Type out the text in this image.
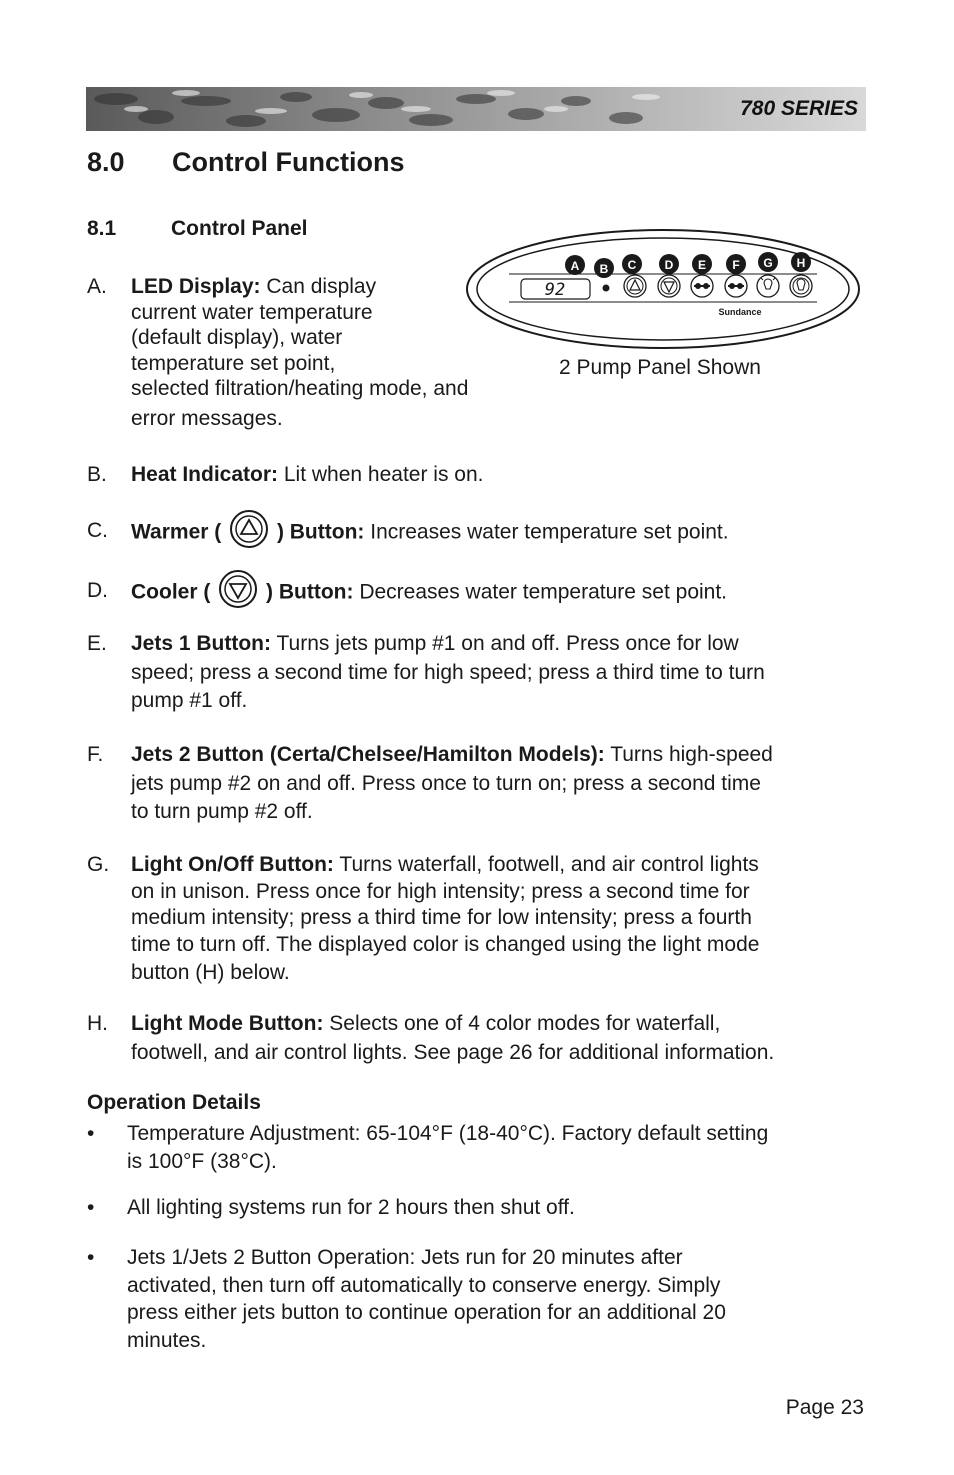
780 SERIES
8.0 Control Functions
8.1	Control Panel
92
Sundance
A B C D E F G H
2 Pump Panel Shown
A. LED Display: Can display
current water temperature
(default display), water
temperature set point,
selected filtration/heating mode, and
error messages.
B. Heat Indicator: Lit when heater is on.
C. Warmer (	) Button: Increases water temperature set point.
D. Cooler (	) Button: Decreases water temperature set point.
E. Jets 1 Button: Turns jets pump #1 on and off. Press once for low
speed; press a second time for high speed; press a third time to turn
pump #1 off.
F. Jets 2 Button (Certa/Chelsee/Hamilton Models): Turns high-speed
jets pump #2 on and off. Press once to turn on; press a second time
to turn pump #2 off.
G. Light On/Off Button: Turns waterfall, footwell, and air control lights
on in unison. Press once for high intensity; press a second time for
medium intensity; press a third time for low intensity; press a fourth
time to turn off. The displayed color is changed using the light mode
button (H) below.
H. Light Mode Button: Selects one of 4 color modes for waterfall,
footwell, and air control lights. See page 26 for additional information.
Operation Details
• Temperature Adjustment: 65-104°F (18-40°C). Factory default setting
is 100°F (38°C).
• All lighting systems run for 2 hours then shut off.
• Jets 1/Jets 2 Button Operation: Jets run for 20 minutes after
activated, then turn off automatically to conserve energy. Simply
press either jets button to continue operation for an additional 20
minutes.
Page 23
